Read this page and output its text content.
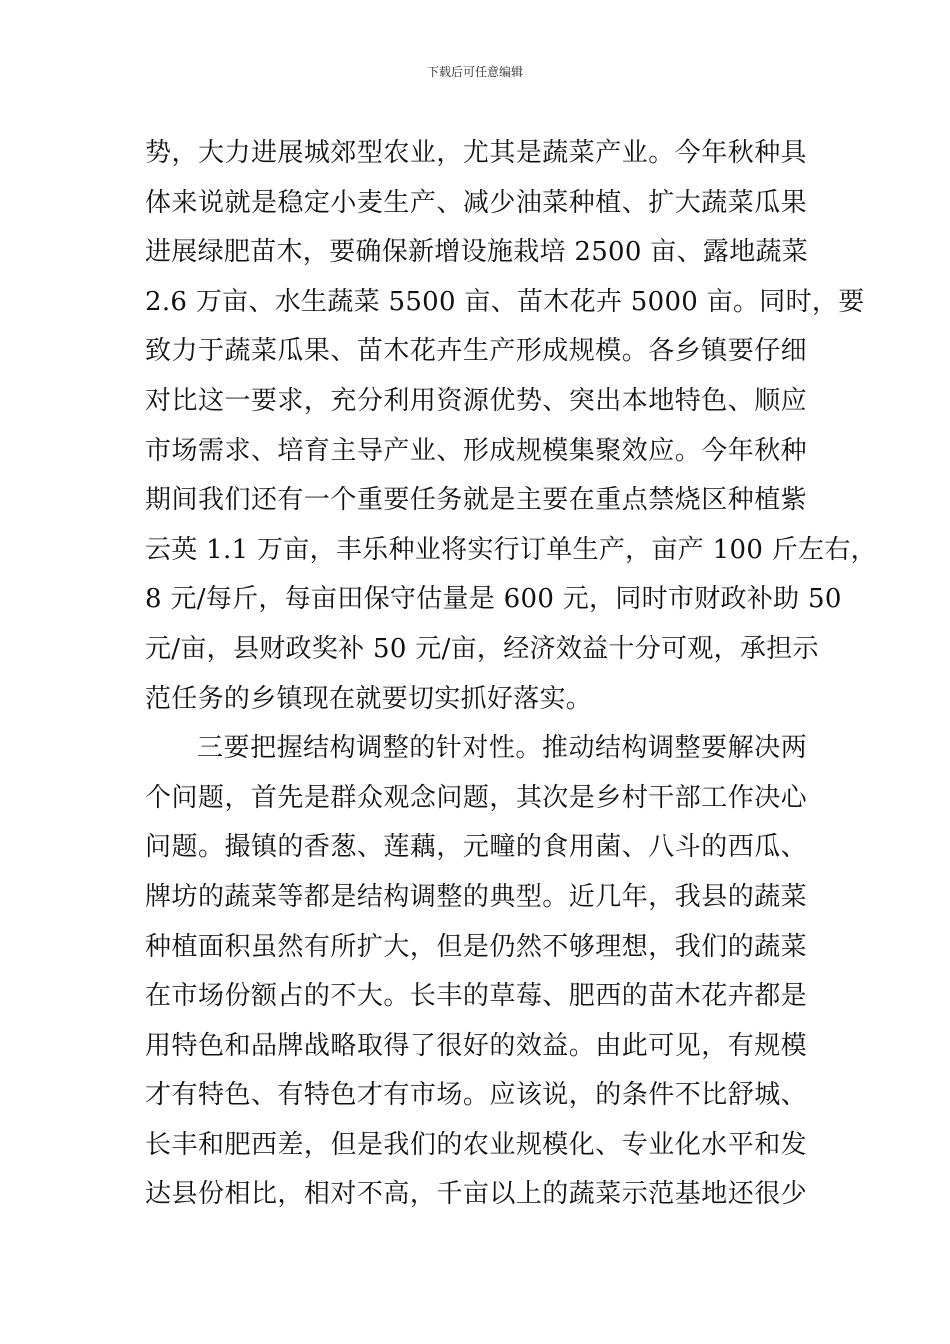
下载后可任意编辑
势，大力进展城郊型农业，尤其是蔬菜产业。今年秋种具
体来说就是稳定小麦生产、减少油菜种植、扩大蔬菜瓜果
进展绿肥苗木，要确保新增设施栽培 2500 亩、露地蔬菜
2.6 万亩、水生蔬菜 5500 亩、苗木花卉 5000 亩。同时，要
致力于蔬菜瓜果、苗木花卉生产形成规模。各乡镇要仔细
对比这一要求，充分利用资源优势、突出本地特色、顺应
市场需求、培育主导产业、形成规模集聚效应。今年秋种
期间我们还有一个重要任务就是主要在重点禁烧区种植紫
云英 1.1 万亩，丰乐种业将实行订单生产，亩产 100 斤左右，
8 元/每斤，每亩田保守估量是 600 元，同时市财政补助 50
元/亩，县财政奖补 50 元/亩，经济效益十分可观，承担示
范任务的乡镇现在就要切实抓好落实。
三要把握结构调整的针对性。推动结构调整要解决两
个问题，首先是群众观念问题，其次是乡村干部工作决心
问题。撮镇的香葱、莲藕，元疃的食用菌、八斗的西瓜、
牌坊的蔬菜等都是结构调整的典型。近几年，我县的蔬菜
种植面积虽然有所扩大，但是仍然不够理想，我们的蔬菜
在市场份额占的不大。长丰的草莓、肥西的苗木花卉都是
用特色和品牌战略取得了很好的效益。由此可见，有规模
才有特色、有特色才有市场。应该说，的条件不比舒城、
长丰和肥西差，但是我们的农业规模化、专业化水平和发
达县份相比，相对不高，千亩以上的蔬菜示范基地还很少
